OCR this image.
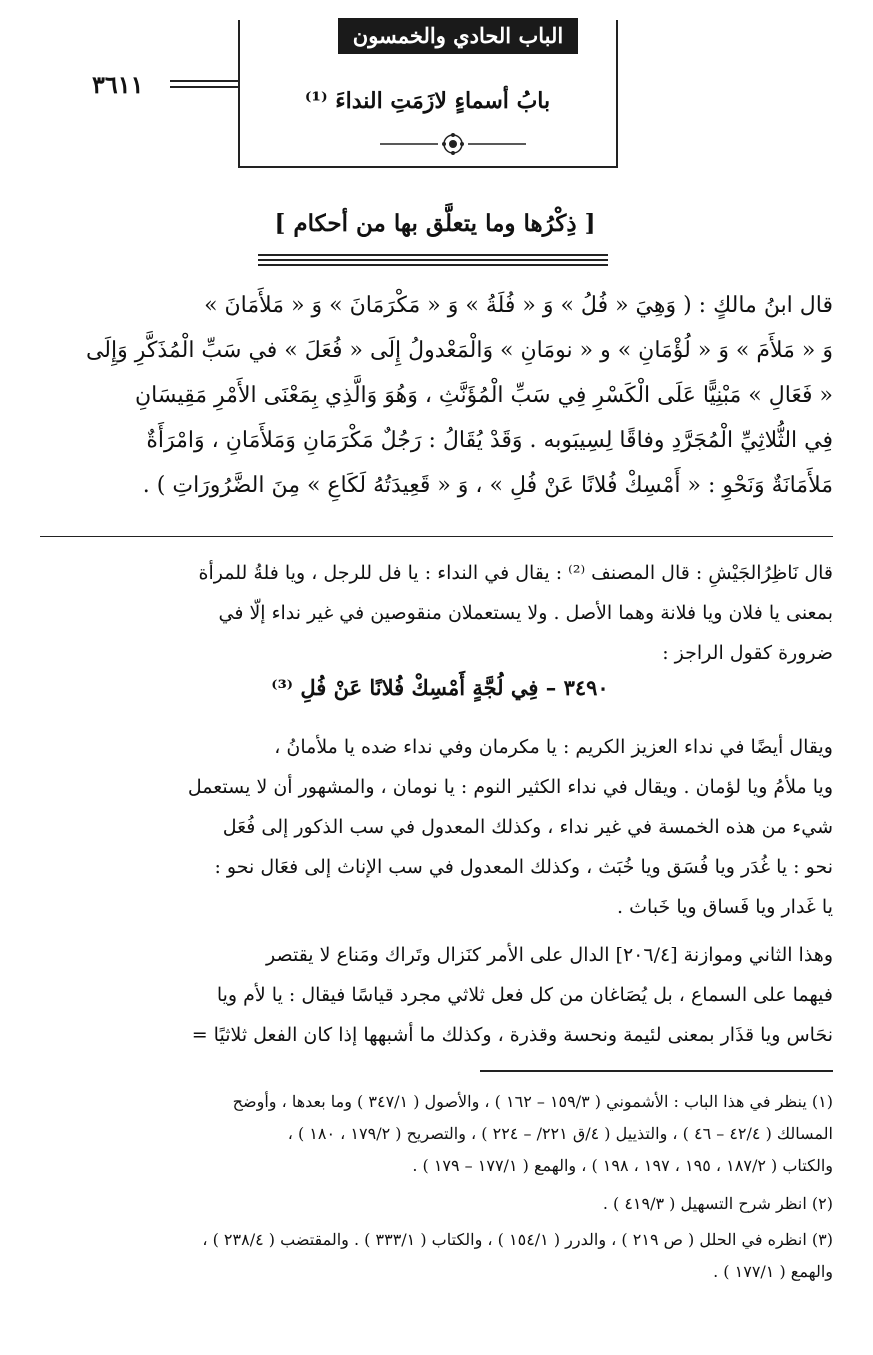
الباب الحادي والخمسون
٣٦١١
بابُ أسماءٍ لازَمَتِ النداءَ ⁽¹⁾
[ ذِكْرُها وما يتعلَّق بها من أحكام ]
قال ابنُ مالكٍ : ( وَهِيَ « فُلُ » وَ « فُلَةُ » وَ « مَكْرَمَانَ » وَ « مَلأَمَانَ »
وَ « مَلأَمَ » وَ « لُؤْمَانِ » و « نومَانِ » وَالْمَعْدولُ إِلَى « فُعَلَ » في سَبِّ الْمُذَكَّرِ وَإِلَى
« فَعَالِ » مَبْنِيًّا عَلَى الْكَسْرِ فِي سَبِّ الْمُؤَنَّثِ ، وَهُوَ وَالَّذِي بِمَعْنَى الأَمْرِ مَقِيسَانِ
فِي الثُّلاثِيِّ الْمُجَرَّدِ وفاقًا لِسِيبَوبه . وَقَدْ يُقَالُ : رَجُلٌ مَكْرَمَانِ وَمَلأَمَانِ ، وَامْرَأَةٌ
مَلأَمَانَةٌ وَنَحْوِ : « أَمْسِكْ فُلانًا عَنْ فُلِ » ، وَ « قَعِيدَتُهُ لَكَاعِ » مِنَ الضَّرُورَاتِ ) .
قال نَاظِرُالجَيْشِ : قال المصنف ⁽²⁾ : يقال في النداء : يا فل للرجل ، ويا فلةُ للمرأة
بمعنى يا فلان ويا فلانة وهما الأصل . ولا يستعملان منقوصين في غير نداء إلّا في
ضرورة كقول الراجز :
٣٤٩٠ – فِي لُجَّةٍ أَمْسِكْ فُلانًا عَنْ فُلِ ⁽³⁾
ويقال أيضًا في نداء العزيز الكريم : يا مكرمان وفي نداء ضده يا ملأمانُ ،
ويا ملأمُ ويا لؤمان . ويقال في نداء الكثير النوم : يا نومان ، والمشهور أن لا يستعمل
شيء من هذه الخمسة في غير نداء ، وكذلك المعدول في سب الذكور إلى فُعَل
نحو : يا غُدَر ويا فُسَق ويا خُبَث ، وكذلك المعدول في سب الإناث إلى فعَال نحو :
يا غَدار ويا فَساق ويا خَباث .
وهذا الثاني وموازنة [٢٠٦/٤] الدال على الأمر كنَزال وتَراك ومَناع لا يقتصر
فيهما على السماع ، بل يُصَاغان من كل فعل ثلاثي مجرد قياسًا فيقال : يا لأم ويا
نحَاس ويا قذَار بمعنى لئيمة ونحسة وقذرة ، وكذلك ما أشبهها إذا كان الفعل ثلاثيًا =
(١) ينظر في هذا الباب : الأشموني ( ١٥٩/٣ – ١٦٢ ) ، والأصول ( ٣٤٧/١ ) وما بعدها ، وأوضح
المسالك ( ٤٢/٤ – ٤٦ ) ، والتذييل ( ٤/ق ٢٢١/ – ٢٢٤ ) ، والتصريح ( ١٧٩/٢ ، ١٨٠ ) ،
والكتاب ( ١٨٧/٢ ، ١٩٥ ، ١٩٧ ، ١٩٨ ) ، والهمع ( ١٧٧/١ – ١٧٩ ) .
(٢) انظر شرح التسهيل ( ٤١٩/٣ ) .
(٣) انظره في الحلل ( ص ٢١٩ ) ، والدرر ( ١٥٤/١ ) ، والكتاب ( ٣٣٣/١ ) . والمقتضب ( ٢٣٨/٤ ) ،
والهمع ( ١٧٧/١ ) .
